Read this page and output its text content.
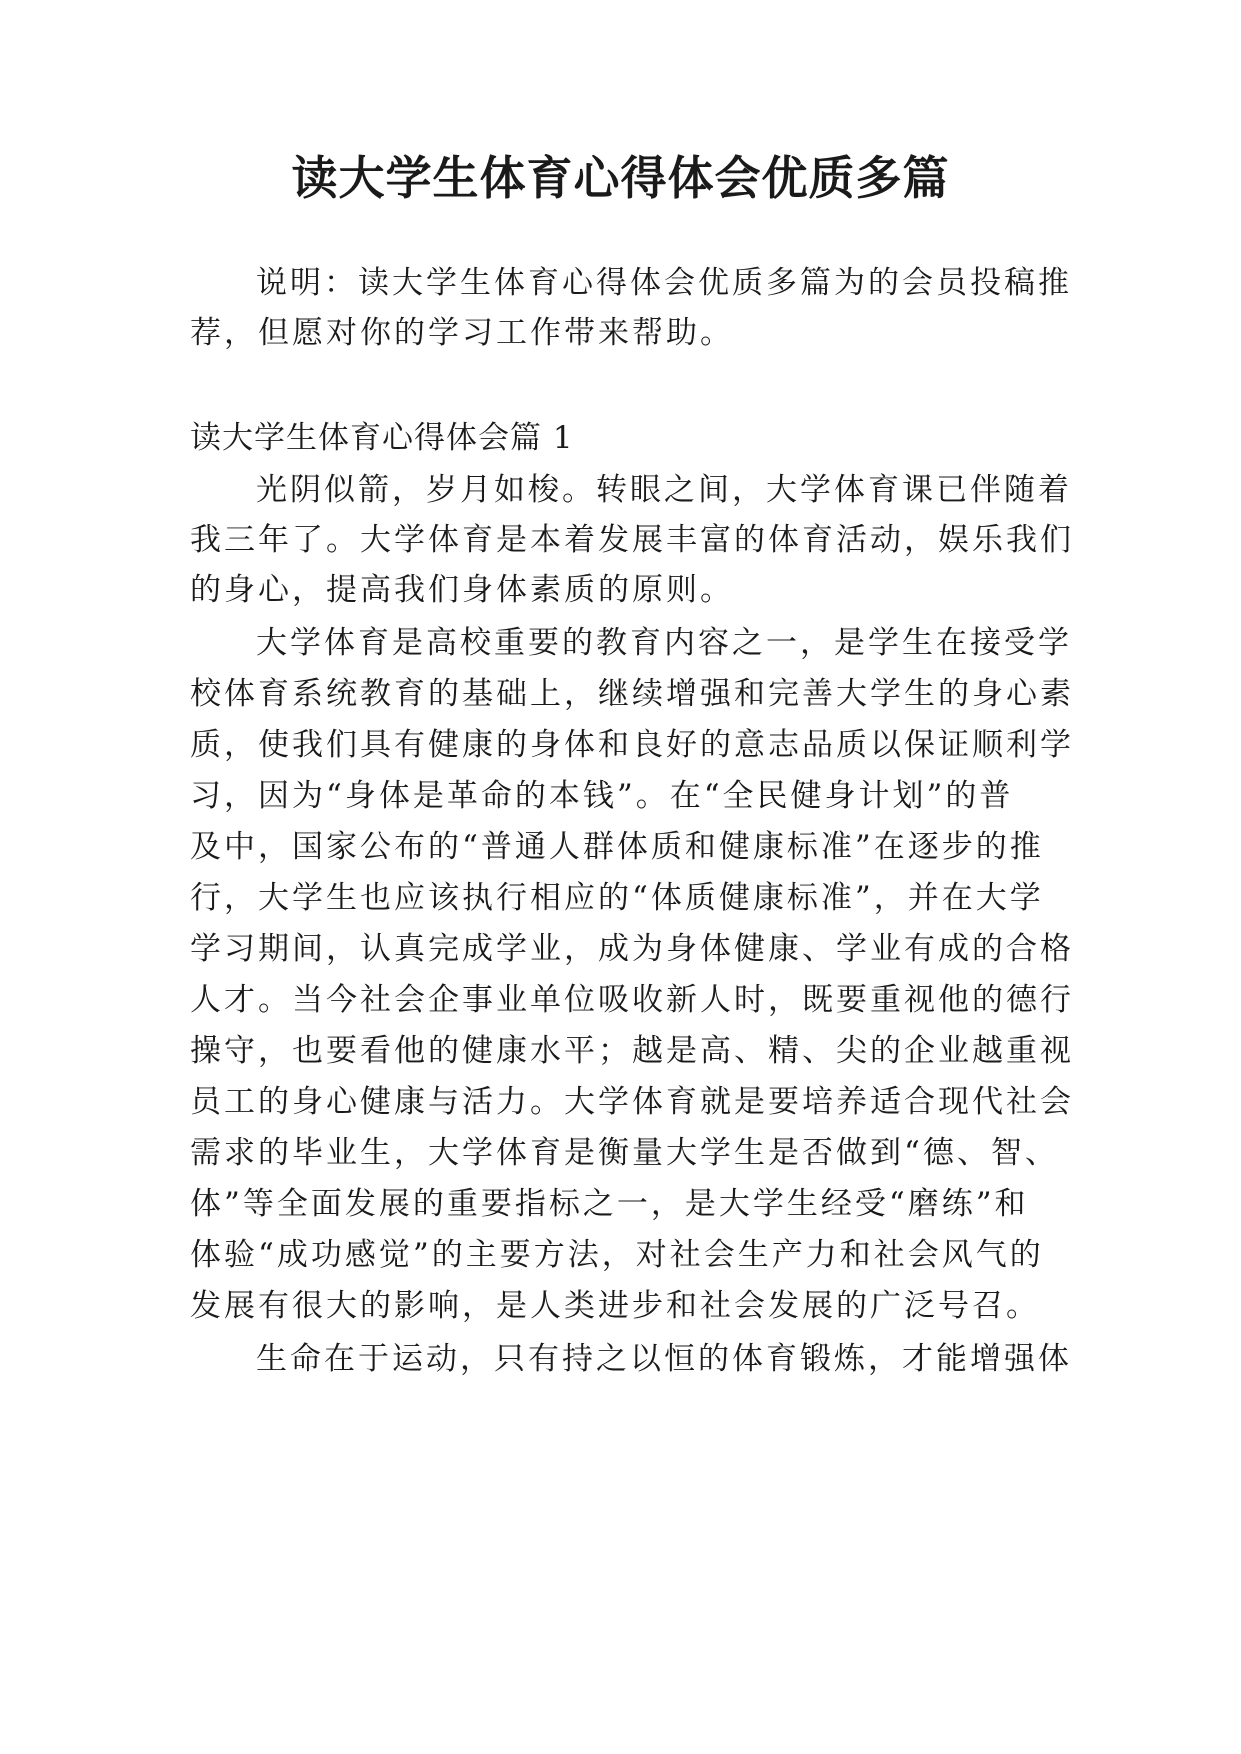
读大学生体育心得体会优质多篇
说明：读大学生体育心得体会优质多篇为的会员投稿推
荐，但愿对你的学习工作带来帮助。
读大学生体育心得体会篇 1
光阴似箭，岁月如梭。转眼之间，大学体育课已伴随着
我三年了。大学体育是本着发展丰富的体育活动，娱乐我们
的身心，提高我们身体素质的原则。
大学体育是高校重要的教育内容之一，是学生在接受学
校体育系统教育的基础上，继续增强和完善大学生的身心素
质，使我们具有健康的身体和良好的意志品质以保证顺利学
习，因为“身体是革命的本钱”。在“全民健身计划”的普
及中，国家公布的“普通人群体质和健康标准”在逐步的推
行，大学生也应该执行相应的“体质健康标准”，并在大学
学习期间，认真完成学业，成为身体健康、学业有成的合格
人才。当今社会企事业单位吸收新人时，既要重视他的德行
操守，也要看他的健康水平；越是高、精、尖的企业越重视
员工的身心健康与活力。大学体育就是要培养适合现代社会
需求的毕业生，大学体育是衡量大学生是否做到“德、智、
体”等全面发展的重要指标之一，是大学生经受“磨练”和
体验“成功感觉”的主要方法，对社会生产力和社会风气的
发展有很大的影响，是人类进步和社会发展的广泛号召。
生命在于运动，只有持之以恒的体育锻炼，才能增强体
